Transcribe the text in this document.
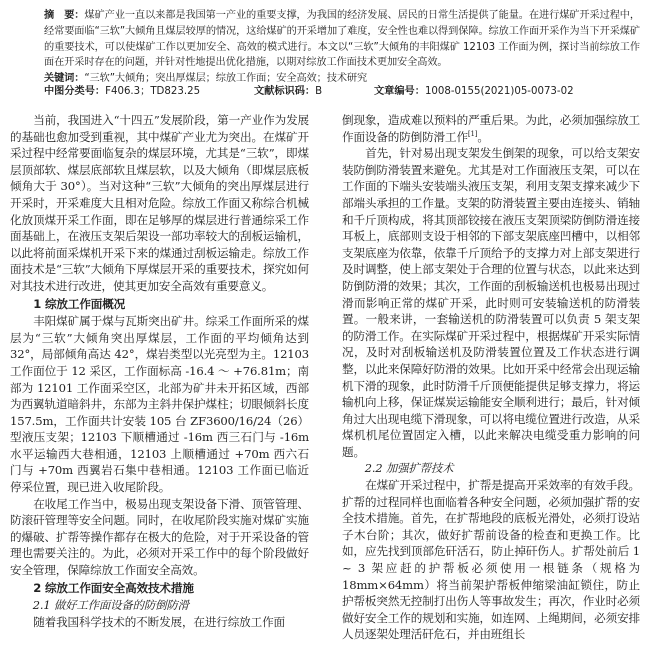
摘　要：煤矿产业一直以来都是我国第一产业的重要支撑，为我国的经济发展、居民的日常生活提供了能量。在进行煤矿开采过程中，经常要面临“三软”大倾角且煤层较厚的情况，这给煤矿的开采增加了难度，安全性也难以得到保障。综放工作面开采作为当下开采煤矿的重要技术，可以使煤矿工作以更加安全、高效的模式进行。本文以“三软”大倾角的丰阳煤矿 12103 工作面为例，探讨当前综放工作面在开采时存在的问题，并针对性地提出优化措施，以期对综放工作面技术更加安全高效。
关键词：“三软”大倾角；突出厚煤层；综放工作面；安全高效；技术研究
中图分类号：F406.3；TD823.25	文献标识码：B	文章编号：1008-0155(2021)05-0073-02

当前，我国进入“十四五”发展阶段，第一产业作为发展的基础也愈加受到重视，其中煤矿产业尤为突出。在煤矿开采过程中经常要面临复杂的煤层环境，尤其是“三软”，即煤层顶部软、煤层底部软且煤层软，以及大倾角（即煤层底板倾角大于 30°）。当对这种“三软”大倾角的突出厚煤层进行开采时，开采难度大且相对危险。综放工作面又称综合机械化放顶煤开采工作面，即在足够厚的煤层进行普通综采工作面基础上，在液压支架后架设一部功率较大的刮板运输机，以此将前面采煤机开采下来的煤通过刮板运输走。综放工作面技术是“三软”大倾角下厚煤层开采的重要技术，探究如何对其技术进行改进，使其更加安全高效有重要意义。

1 综放工作面概况

丰阳煤矿属于煤与瓦斯突出矿井。综采工作面所采的煤层为“三软”大倾角突出厚煤层，工作面的平均倾角达到 32°，局部倾角高达 42°，煤岩类型以光亮型为主。12103 工作面位于 12 采区，工作面标高 -16.4 ～ +76.81m；南部为 12101 工作面采空区，北部为矿井未开拓区域，西部为西翼轨道暗斜井，东部为主斜井保护煤柱；切眼倾斜长度 157.5m，工作面共计安装 105 台 ZF3600/16/24（26）型液压支架；12103 下顺槽通过 -16m 西三石门与 -16m 水平运输西大巷相通，12103 上顺槽通过 +70m 西六石门与 +70m 西翼岩石集中巷相通。12103 工作面已临近停采位置，现已进入收尾阶段。

在收尾工作当中，极易出现支架设备下滑、顶管管理、防滚矸管理等安全问题。同时，在收尾阶段实施对煤矿实施的爆破、扩帮等操作都存在极大的危险，对于开采设备的管理也需要关注的。为此，必须对开采工作中的每个阶段做好安全管理，保障综放工作面安全高效。

2 综放工作面安全高效技术措施
2.1 做好工作面设备的防倒防滑

随着我国科学技术的不断发展，在进行综放工作面

倒现象，造成难以预料的严重后果。为此，必须加强综放工作面设备的防倒防滑工作[1]。

首先，针对易出现支架发生倒架的现象，可以给支架安装防倒防滑装置来避免。尤其是对工作面液压支架，可以在工作面的下端头安装端头液压支架，利用支架支撑来减少下部端头承担的工作量。支架的防滑装置主要由连接头、销轴和千斤顶构成，将其顶部铰接在液压支架顶梁防倒防滑连接耳板上，底部则支设于相邻的下部支架底座凹槽中，以相邻支架底座为依靠，依靠千斤顶给予的支撑力对上部支架进行及时调整，使上部支架处于合理的位置与状态，以此来达到防倒防滑的效果；其次，工作面的刮板输送机也极易出现过滑而影响正常的煤矿开采，此时则可安装输送机的防滑装置。一般来讲，一套输送机的防滑装置可以负责 5 架支架的防滑工作。在实际煤矿开采过程中，根据煤矿开采实际情况，及时对刮板输送机及防滑装置位置及工作状态进行调整，以此来保障好防滑的效果。比如开采中经常会出现运输机下滑的现象，此时防滑千斤顶便能提供足够支撑力，将运输机向上移，保证煤炭运输能安全顺利进行；最后，针对倾角过大出现电缆下滑现象，可以将电缆位置进行改造，从采煤机机尾位置固定入槽，以此来解决电缆受重力影响的问题。

2.2 加强扩帮技术

在煤矿开采过程中，扩帮是提高开采效率的有效手段。扩帮的过程同样也面临着各种安全问题，必须加强扩帮的安全技术措施。首先，在扩帮地段的底板光滑处，必须打设站子木台阶；其次，做好扩帮前设备的检查和更换工作。比如，应先找到顶部危矸活石，防止掉矸伤人。扩帮处前后 1 ~ 3 架应赶的护帮板必须使用一根链条（规格为 18mm×64mm）将当前架护帮板伸缩梁油缸锁住，防止护帮板突然无控制打出伤人等事故发生；再次，作业时必须做好安全工作的规划和实施，如连网、上绳期间，必须安排人员逐架处理活矸危石，并由班组长
